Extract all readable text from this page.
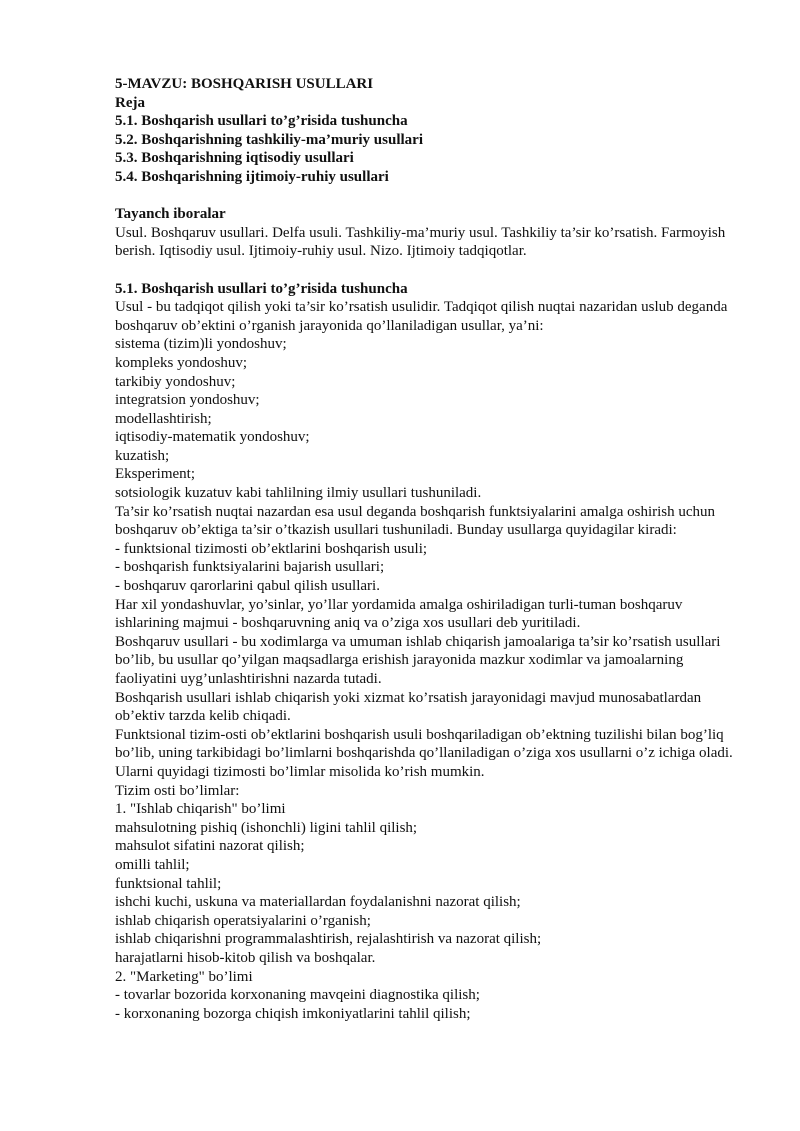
5-MAVZU: BOSHQARISH USULLARI
Reja
5.1. Boshqarish usullari to’g’risida tushuncha
5.2. Boshqarishning tashkiliy-ma’muriy usullari
5.3. Boshqarishning iqtisodiy usullari
5.4. Boshqarishning ijtimoiy-ruhiy usullari
Tayanch iboralar
Usul. Boshqaruv usullari. Delfa usuli. Tashkiliy-ma’muriy usul. Tashkiliy ta’sir ko’rsatish. Farmoyish berish. Iqtisodiy usul. Ijtimoiy-ruhiy usul. Nizo. Ijtimoiy tadqiqotlar.
5.1. Boshqarish usullari to’g’risida tushuncha
Usul - bu tadqiqot qilish yoki ta’sir ko’rsatish usulidir. Tadqiqot qilish nuqtai nazaridan uslub deganda boshqaruv ob’ektini o’rganish jarayonida qo’llaniladigan usullar, ya’ni:
sistema (tizim)li yondoshuv;
kompleks yondoshuv;
tarkibiy yondoshuv;
integratsion yondoshuv;
modellashtirish;
iqtisodiy-matematik yondoshuv;
kuzatish;
Eksperiment;
sotsiologik kuzatuv kabi tahlilning ilmiy usullari tushuniladi.
Ta’sir ko’rsatish nuqtai nazardan esa usul deganda boshqarish funktsiyalarini amalga oshirish uchun boshqaruv ob’ektiga ta’sir o’tkazish usullari tushuniladi. Bunday usullarga quyidagilar kiradi:
- funktsional tizimosti ob’ektlarini boshqarish usuli;
- boshqarish funktsiyalarini bajarish usullari;
- boshqaruv qarorlarini qabul qilish usullari.
Har xil yondashuvlar, yo’sinlar, yo’llar yordamida amalga oshiriladigan turli-tuman boshqaruv ishlarining majmui - boshqaruvning aniq va o’ziga xos usullari deb yuritiladi.
Boshqaruv usullari - bu xodimlarga va umuman ishlab chiqarish jamoalariga ta’sir ko’rsatish usullari bo’lib, bu usullar qo’yilgan maqsadlarga erishish jarayonida mazkur xodimlar va jamoalarning faoliyatini uyg’unlashtirishni nazarda tutadi.
Boshqarish usullari ishlab chiqarish yoki xizmat ko’rsatish jarayonidagi mavjud munosabatlardan ob’ektiv tarzda kelib chiqadi.
Funktsional tizim-osti ob’ektlarini boshqarish usuli boshqariladigan ob’ektning tuzilishi bilan bog’liq bo’lib, uning tarkibidagi bo’limlarni boshqarishda qo’llaniladigan o’ziga xos usullarni o’z ichiga oladi. Ularni quyidagi tizimosti bo’limlar misolida ko’rish mumkin.
Tizim osti bo’limlar:
1. "Ishlab chiqarish" bo’limi
mahsulotning pishiq (ishonchli) ligini tahlil qilish;
mahsulot sifatini nazorat qilish;
omilli tahlil;
funktsional tahlil;
ishchi kuchi, uskuna va materiallardan foydalanishni nazorat qilish;
ishlab chiqarish operatsiyalarini o’rganish;
ishlab chiqarishni programmalashtirish, rejalashtirish va nazorat qilish;
harajatlarni hisob-kitob qilish va boshqalar.
2. "Marketing" bo’limi
- tovarlar bozorida korxonaning mavqeini diagnostika qilish;
- korxonaning bozorga chiqish imkoniyatlarini tahlil qilish;
